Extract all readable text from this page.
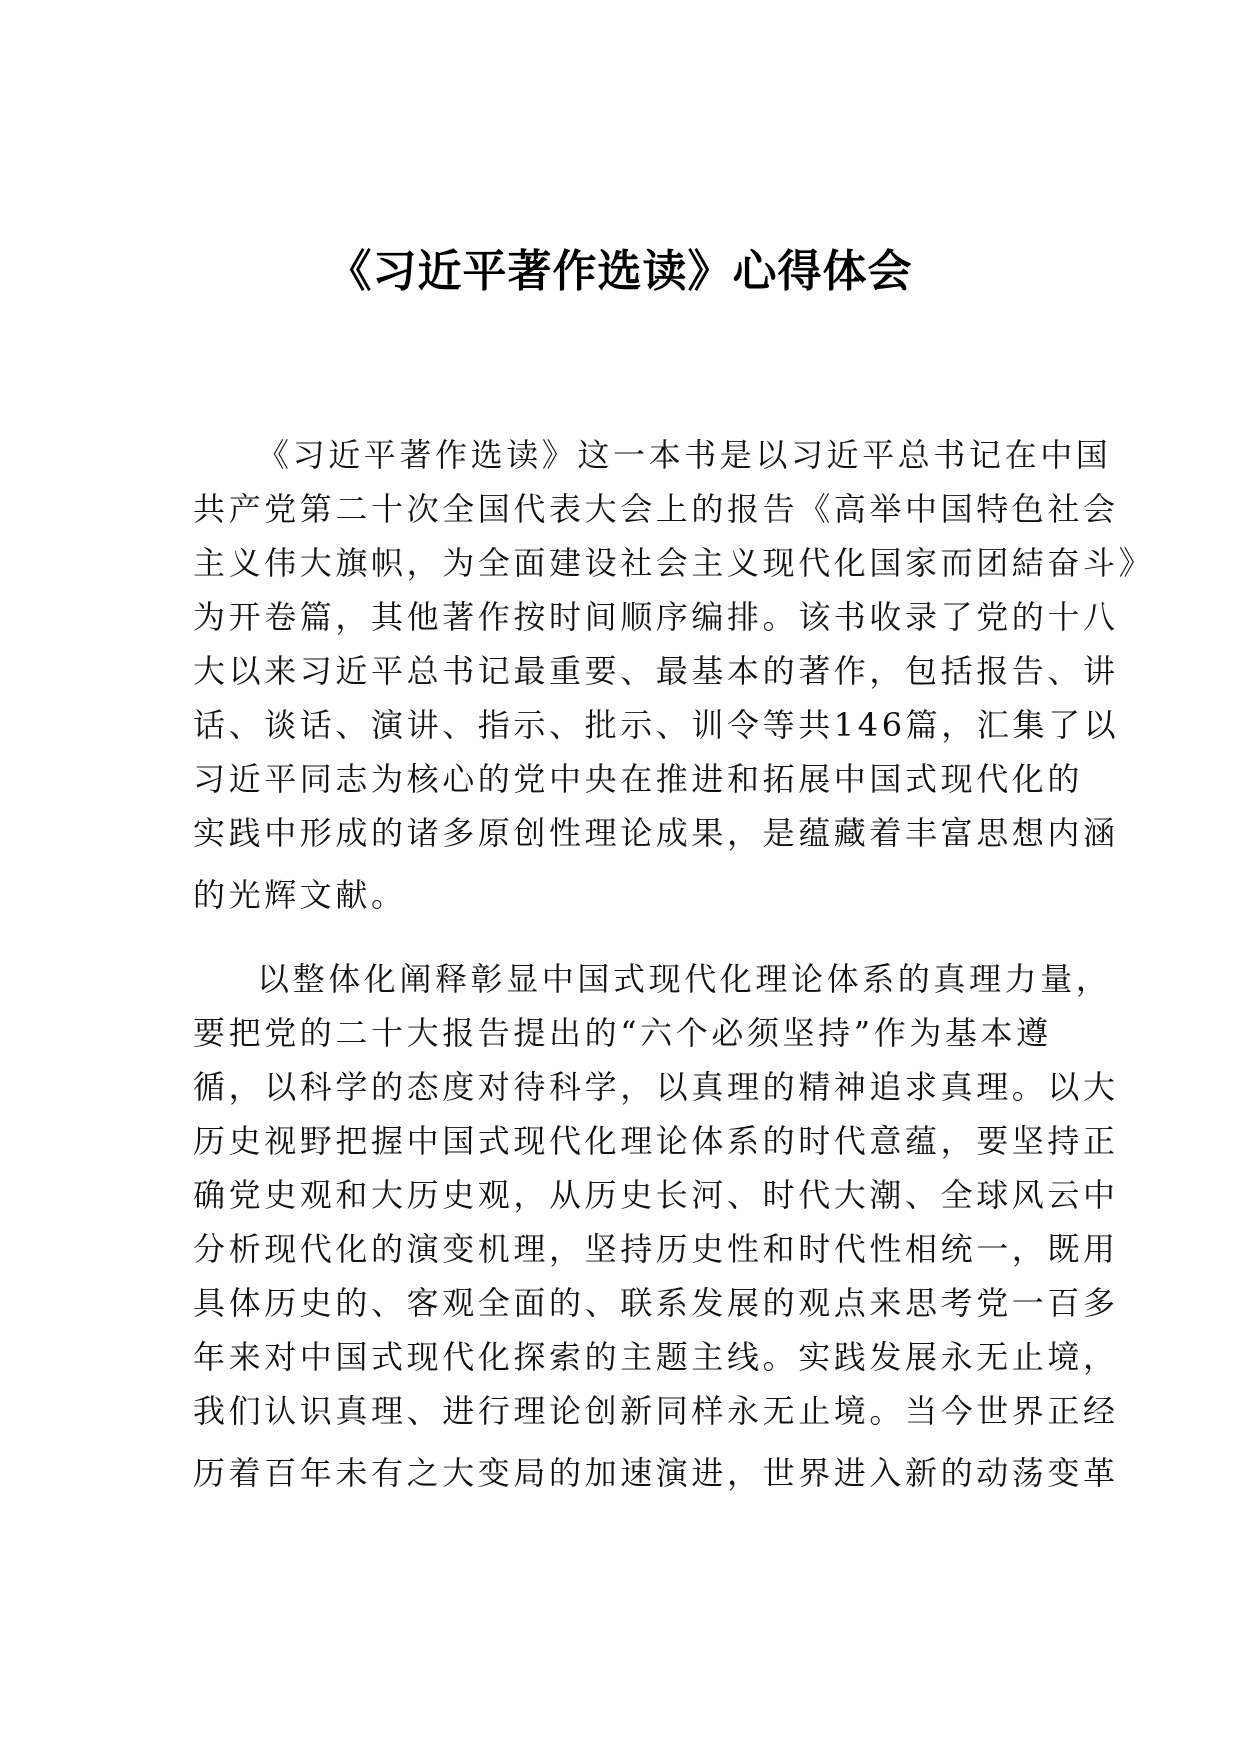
《习近平著作选读》心得体会
《习近平著作选读》这一本书是以习近平总书记在中国
共产党第二十次全国代表大会上的报告《高举中国特色社会
主义伟大旗帜，为全面建设社会主义现代化国家而团結奋斗》
为开卷篇，其他著作按时间顺序编排。该书收录了党的十八
大以来习近平总书记最重要、最基本的著作，包括报告、讲
话、谈话、演讲、指示、批示、训令等共146篇，汇集了以
习近平同志为核心的党中央在推进和拓展中国式现代化的
实践中形成的诸多原创性理论成果，是蕴藏着丰富思想内涵
的光辉文献。
以整体化阐释彰显中国式现代化理论体系的真理力量，
要把党的二十大报告提出的“六个必须坚持”作为基本遵
循，以科学的态度对待科学，以真理的精神追求真理。以大
历史视野把握中国式现代化理论体系的时代意蕴，要坚持正
确党史观和大历史观，从历史长河、时代大潮、全球风云中
分析现代化的演变机理，坚持历史性和时代性相统一，既用
具体历史的、客观全面的、联系发展的观点来思考党一百多
年来对中国式现代化探索的主题主线。实践发展永无止境，
我们认识真理、进行理论创新同样永无止境。当今世界正经
历着百年未有之大变局的加速演进，世界进入新的动荡变革
